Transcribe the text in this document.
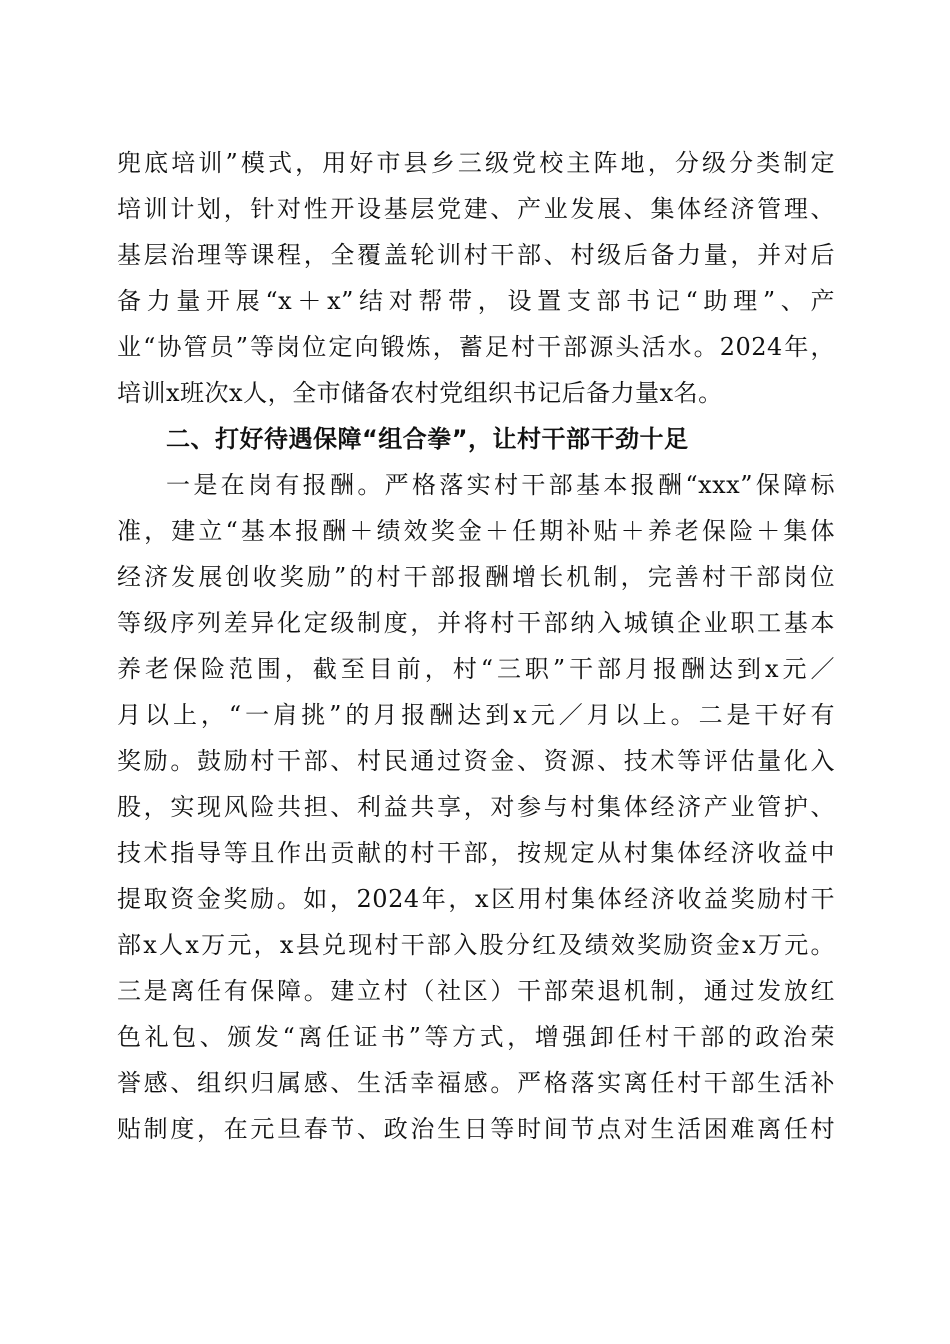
兜底培训”模式，用好市县乡三级党校主阵地，分级分类制定
培训计划，针对性开设基层党建、产业发展、集体经济管理、
基层治理等课程，全覆盖轮训村干部、村级后备力量，并对后
备力量开展“x＋x”结对帮带，设置支部书记“助理”、产
业“协管员”等岗位定向锻炼，蓄足村干部源头活水。2024年，
培训x班次x人，全市储备农村党组织书记后备力量x名。
二、打好待遇保障“组合拳”，让村干部干劲十足
一是在岗有报酬。严格落实村干部基本报酬“xxx”保障标
准，建立“基本报酬＋绩效奖金＋任期补贴＋养老保险＋集体
经济发展创收奖励”的村干部报酬增长机制，完善村干部岗位
等级序列差异化定级制度，并将村干部纳入城镇企业职工基本
养老保险范围，截至目前，村“三职”干部月报酬达到x元／
月以上，“一肩挑”的月报酬达到x元／月以上。二是干好有
奖励。鼓励村干部、村民通过资金、资源、技术等评估量化入
股，实现风险共担、利益共享，对参与村集体经济产业管护、
技术指导等且作出贡献的村干部，按规定从村集体经济收益中
提取资金奖励。如，2024年，x区用村集体经济收益奖励村干
部x人x万元，x县兑现村干部入股分红及绩效奖励资金x万元。
三是离任有保障。建立村（社区）干部荣退机制，通过发放红
色礼包、颁发“离任证书”等方式，增强卸任村干部的政治荣
誉感、组织归属感、生活幸福感。严格落实离任村干部生活补
贴制度，在元旦春节、政治生日等时间节点对生活困难离任村
